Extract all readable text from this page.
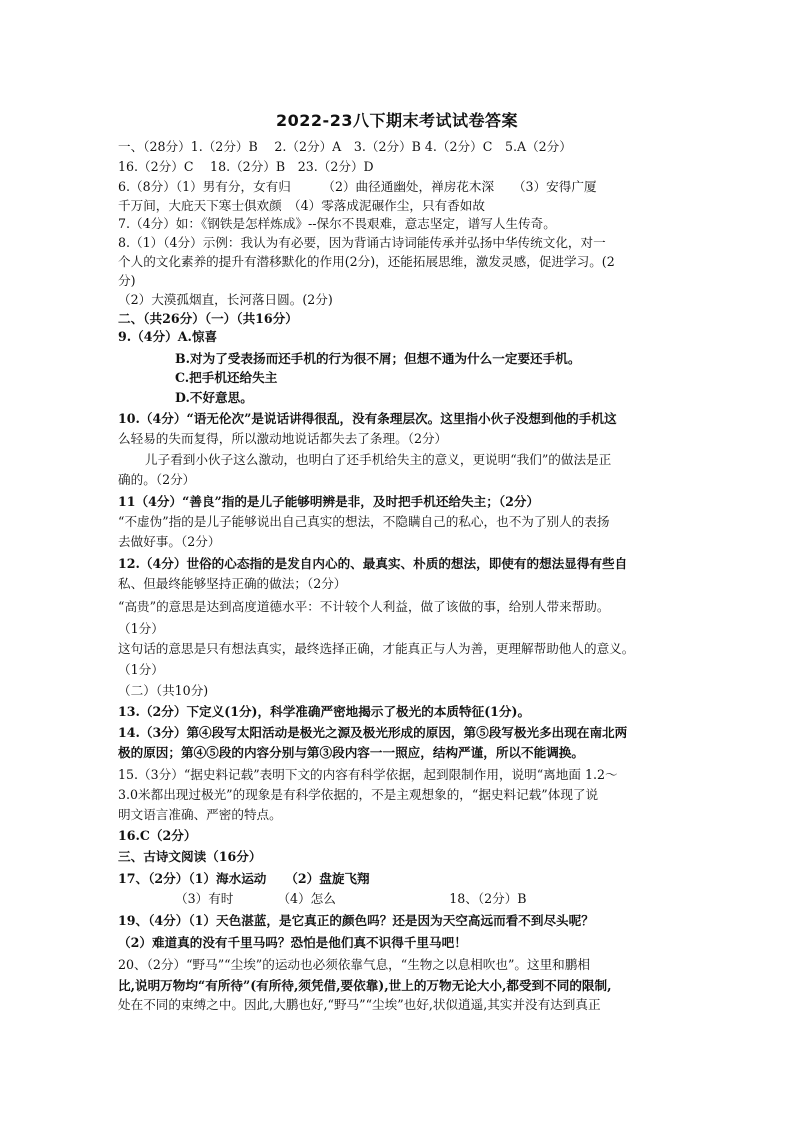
2022-23八下期末考试试卷答案
一、（28分）1.（2分）B　 2.（2分）A　3.（2分）B 4.（2分）C　5.A（2分）
16.（2分）C　 18.（2分）B　23.（2分）D
6.（8分）（1）男有分，女有归　　　（2）曲径通幽处，禅房花木深　　（3）安得广厦
千万间，大庇天下寒士俱欢颜　（4）零落成泥碾作尘，只有香如故
7.（4分）如：《钢铁是怎样炼成》--保尔不畏艰难，意志坚定，谱写人生传奇。
8.（1）（4分）示例：我认为有必要，因为背诵古诗词能传承并弘扬中华传统文化，对一
个人的文化素养的提升有潜移默化的作用(2分)，还能拓展思维，激发灵感，促进学习。(2
分)
（2）大漠孤烟直，长河落日圆。(2分)
二、（共26分）（一）（共16分）
9.（4分）A.惊喜
B.对为了受表扬而还手机的行为很不屑；但想不通为什么一定要还手机。
C.把手机还给失主
D.不好意思。
10.（4分）“语无伦次”是说话讲得很乱，没有条理层次。这里指小伙子没想到他的手机这
么轻易的失而复得，所以激动地说话都失去了条理。（2分）
儿子看到小伙子这么激动，也明白了还手机给失主的意义，更说明“我们”的做法是正
确的。（2分）
11（4分）“善良”指的是儿子能够明辨是非，及时把手机还给失主；（2分）
“不虚伪”指的是儿子能够说出自己真实的想法，不隐瞒自己的私心，也不为了别人的表扬
去做好事。（2分）
12.（4分）世俗的心态指的是发自内心的、最真实、朴质的想法，即使有的想法显得有些自
私、但最终能够坚持正确的做法；（2分）
“高贵”的意思是达到高度道德水平：不计较个人利益，做了该做的事，给别人带来帮助。
（1分）
这句话的意思是只有想法真实，最终选择正确，才能真正与人为善，更理解帮助他人的意义。
（1分）
（二）（共10分)
13.（2分）下定义(1分)，科学准确严密地揭示了极光的本质特征(1分)。
14.（3分）第④段写太阳活动是极光之源及极光形成的原因，第⑤段写极光多出现在南北两
极的原因；第④⑤段的内容分别与第③段内容一一照应，结构严谨，所以不能调换。
15.（3分）“据史料记载”表明下文的内容有科学依据，起到限制作用，说明“离地面 1.2～
3.0米都出现过极光”的现象是有科学依据的，不是主观想象的，“据史料记载”体现了说
明文语言准确、严密的特点。
16.C（2分）
三、古诗文阅读（16分）
17、（2分）（1）海水运动　　（2）盘旋飞翔
（3）有时　　　　（4）怎么　　　　　　　　　18、（2分）B
19、（4分）（1）天色湛蓝，是它真正的颜色吗？还是因为天空高远而看不到尽头呢？
（2）难道真的没有千里马吗？恐怕是他们真不识得千里马吧！
20、（2分）“野马”“尘埃”的运动也必须依靠气息，“生物之以息相吹也”。这里和鹏相
比,说明万物均“有所待”(有所待,须凭借,要依靠),世上的万物无论大小,都受到不同的限制,
处在不同的束缚之中。因此,大鹏也好,“野马”“尘埃”也好,状似逍遥,其实并没有达到真正
